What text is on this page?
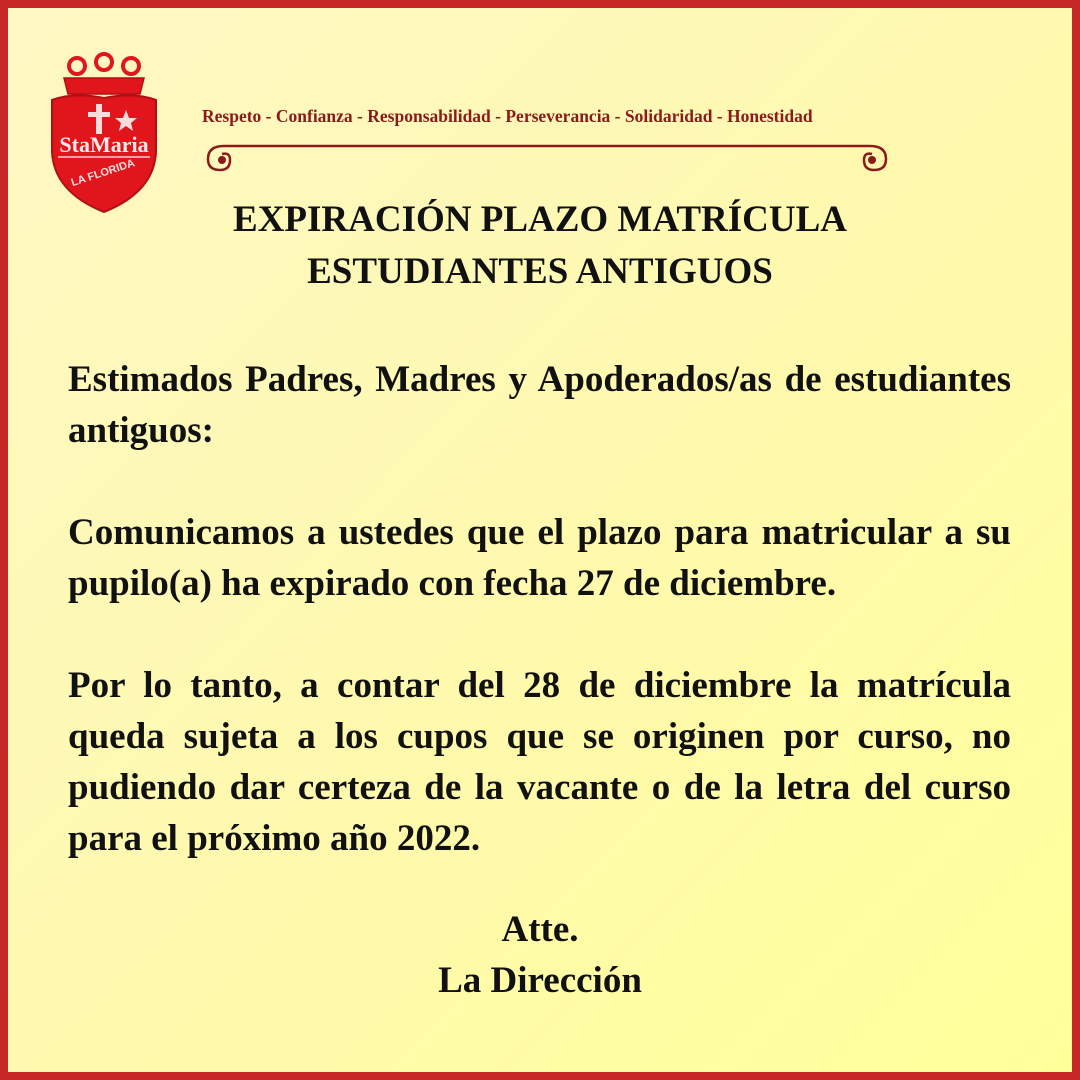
StaMaria
LA FLORIDA
Respeto - Confianza - Responsabilidad - Perseverancia - Solidaridad - Honestidad
EXPIRACIÓN PLAZO MATRÍCULA
ESTUDIANTES ANTIGUOS

Estimados Padres, Madres y Apoderados/as de estudiantes antiguos:

Comunicamos a ustedes que el plazo para matricular a su pupilo(a) ha expirado con fecha 27 de diciembre.

Por lo tanto, a contar del 28 de diciembre la matrícula queda sujeta a los cupos que se originen por curso, no pudiendo dar certeza de la vacante o de la letra del curso para el próximo año 2022.

Atte.
La Dirección
